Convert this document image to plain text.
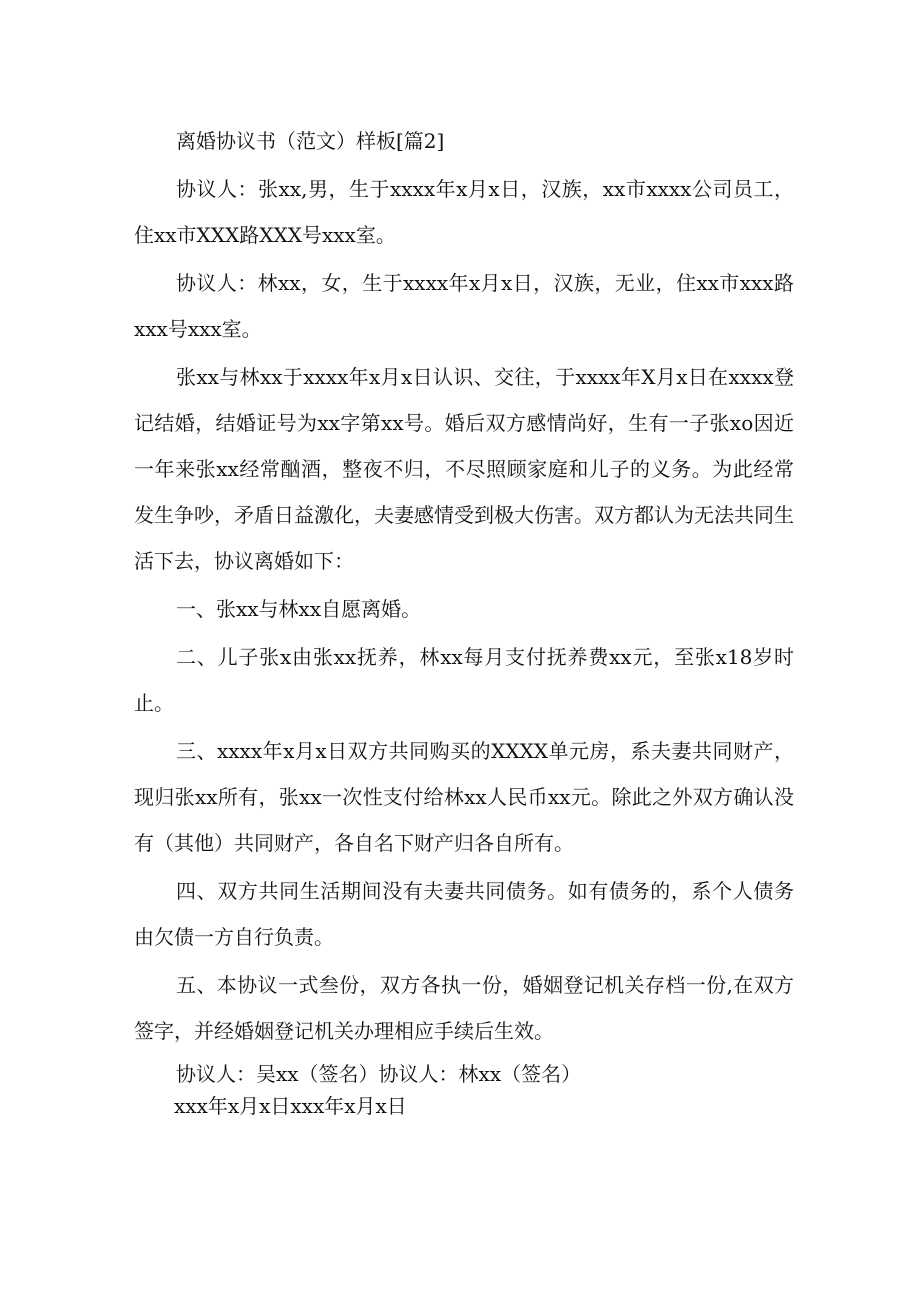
离婚协议书（范文）样板[篇2]

协议人：张xx,男，生于xxxx年x月x日，汉族，xx市xxxx公司员工，住xx市XXX路XXX号xxx室。

协议人：林xx，女，生于xxxx年x月x日，汉族，无业，住xx市xxx路xxx号xxx室。

张xx与林xx于xxxx年x月x日认识、交往，于xxxx年X月x日在xxxx登记结婚，结婚证号为xx字第xx号。婚后双方感情尚好，生有一子张xo因近一年来张xx经常酗酒，整夜不归，不尽照顾家庭和儿子的义务。为此经常发生争吵，矛盾日益激化，夫妻感情受到极大伤害。双方都认为无法共同生活下去，协议离婚如下：

一、张xx与林xx自愿离婚。

二、儿子张x由张xx抚养，林xx每月支付抚养费xx元，至张x18岁时止。

三、xxxx年x月x日双方共同购买的XXXX单元房，系夫妻共同财产，现归张xx所有，张xx一次性支付给林xx人民币xx元。除此之外双方确认没有（其他）共同财产，各自名下财产归各自所有。

四、双方共同生活期间没有夫妻共同债务。如有债务的，系个人债务由欠债一方自行负责。

五、本协议一式叁份，双方各执一份，婚姻登记机关存档一份,在双方签字，并经婚姻登记机关办理相应手续后生效。

协议人：吴xx（签名）协议人：林xx（签名）
xxx年x月x日xxx年x月x日
